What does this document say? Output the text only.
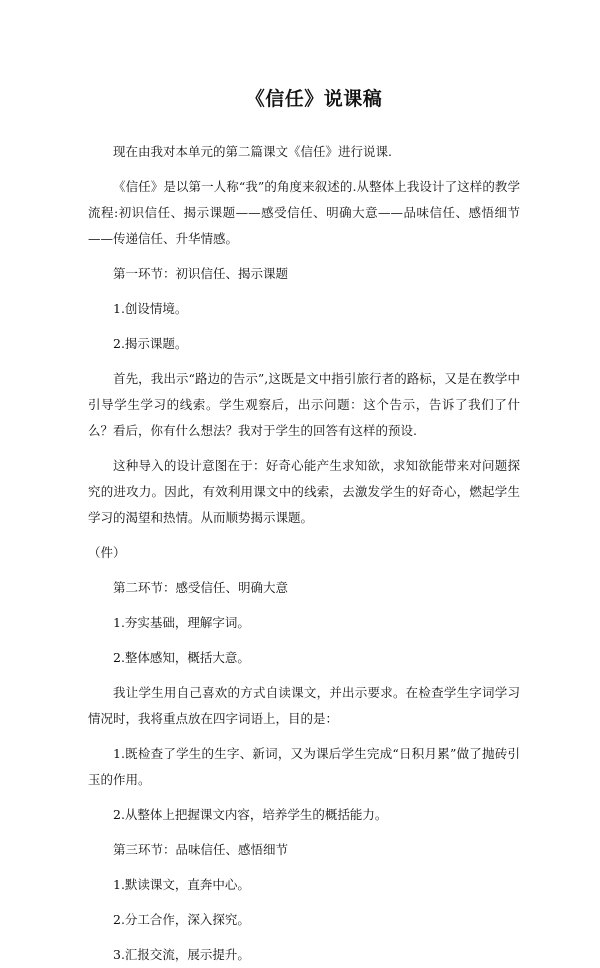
《信任》说课稿

现在由我对本单元的第二篇课文《信任》进行说课.

《信任》是以第一人称“我”的角度来叙述的.从整体上我设计了这样的教学流程:初识信任、揭示课题——感受信任、明确大意——品味信任、感悟细节——传递信任、升华情感。

第一环节：初识信任、揭示课题

1.创设情境。

2.揭示课题。

首先，我出示“路边的告示”,这既是文中指引旅行者的路标，又是在教学中引导学生学习的线索。学生观察后，出示问题：这个告示，告诉了我们了什么？看后，你有什么想法？我对于学生的回答有这样的预设.

这种导入的设计意图在于：好奇心能产生求知欲，求知欲能带来对问题探究的进攻力。因此，有效利用课文中的线索，去激发学生的好奇心，燃起学生学习的渴望和热情。从而顺势揭示课题。

（件）

第二环节：感受信任、明确大意

1.夯实基础，理解字词。

2.整体感知，概括大意。

我让学生用自己喜欢的方式自读课文，并出示要求。在检查学生字词学习情况时，我将重点放在四字词语上，目的是：

1.既检查了学生的生字、新词，又为课后学生完成“日积月累”做了抛砖引玉的作用。

2.从整体上把握课文内容，培养学生的概括能力。

第三环节：品味信任、感悟细节

1.默读课文，直奔中心。

2.分工合作，深入探究。

3.汇报交流，展示提升。
